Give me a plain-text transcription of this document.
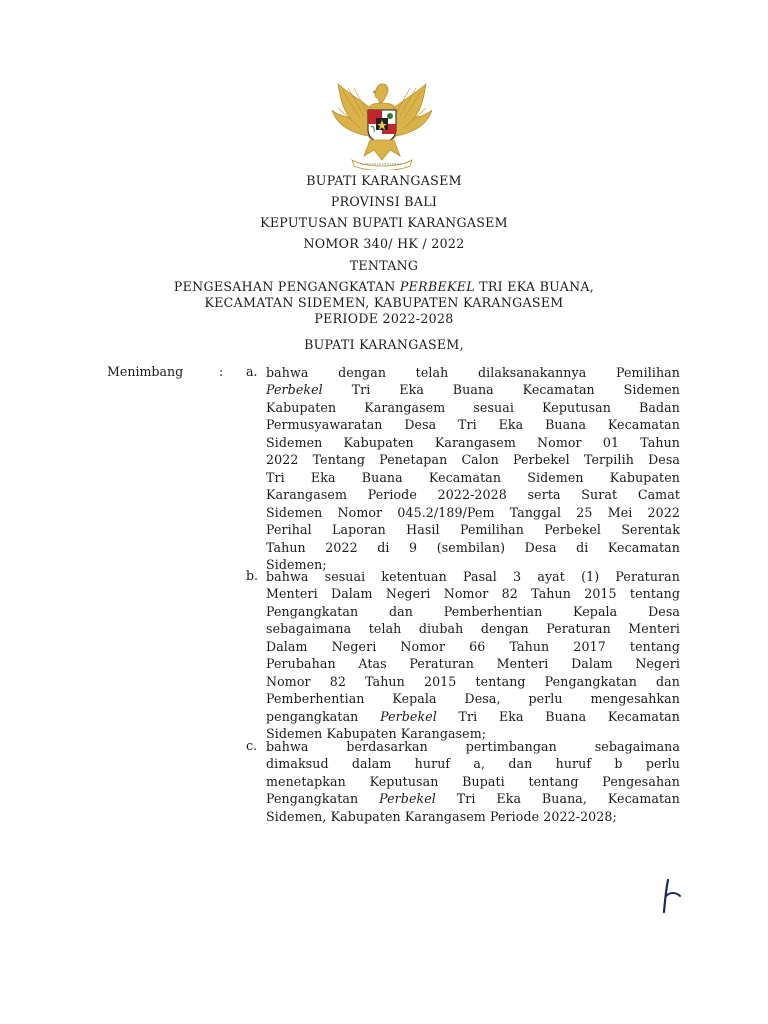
BUPATI KARANGASEM
PROVINSI BALI
KEPUTUSAN BUPATI KARANGASEM
NOMOR 340/ HK / 2022
TENTANG
PENGESAHAN PENGANGKATAN PERBEKEL TRI EKA BUANA,
KECAMATAN SIDEMEN, KABUPATEN KARANGASEM
PERIODE 2022-2028
BUPATI KARANGASEM,
Menimbang	: a. bahwa dengan telah dilaksanakannya Pemilihan
Perbekel Tri Eka Buana Kecamatan Sidemen
Kabupaten Karangasem sesuai Keputusan Badan
Permusyawaratan Desa Tri Eka Buana Kecamatan
Sidemen Kabupaten Karangasem Nomor 01 Tahun
2022 Tentang Penetapan Calon Perbekel Terpilih Desa
Tri Eka Buana Kecamatan Sidemen Kabupaten
Karangasem Periode 2022-2028 serta Surat Camat
Sidemen Nomor 045.2/189/Pem Tanggal 25 Mei 2022
Perihal Laporan Hasil Pemilihan Perbekel Serentak
Tahun 2022 di 9 (sembilan) Desa di Kecamatan
Sidemen;
b. bahwa sesuai ketentuan Pasal 3 ayat (1) Peraturan
Menteri Dalam Negeri Nomor 82 Tahun 2015 tentang
Pengangkatan dan Pemberhentian Kepala Desa
sebagaimana telah diubah dengan Peraturan Menteri
Dalam Negeri Nomor 66 Tahun 2017 tentang
Perubahan Atas Peraturan Menteri Dalam Negeri
Nomor 82 Tahun 2015 tentang Pengangkatan dan
Pemberhentian Kepala Desa, perlu mengesahkan
pengangkatan Perbekel Tri Eka Buana Kecamatan
Sidemen Kabupaten Karangasem;
c. bahwa berdasarkan pertimbangan sebagaimana
dimaksud dalam huruf a, dan huruf b perlu
menetapkan Keputusan Bupati tentang Pengesahan
Pengangkatan Perbekel Tri Eka Buana, Kecamatan
Sidemen, Kabupaten Karangasem Periode 2022-2028;
